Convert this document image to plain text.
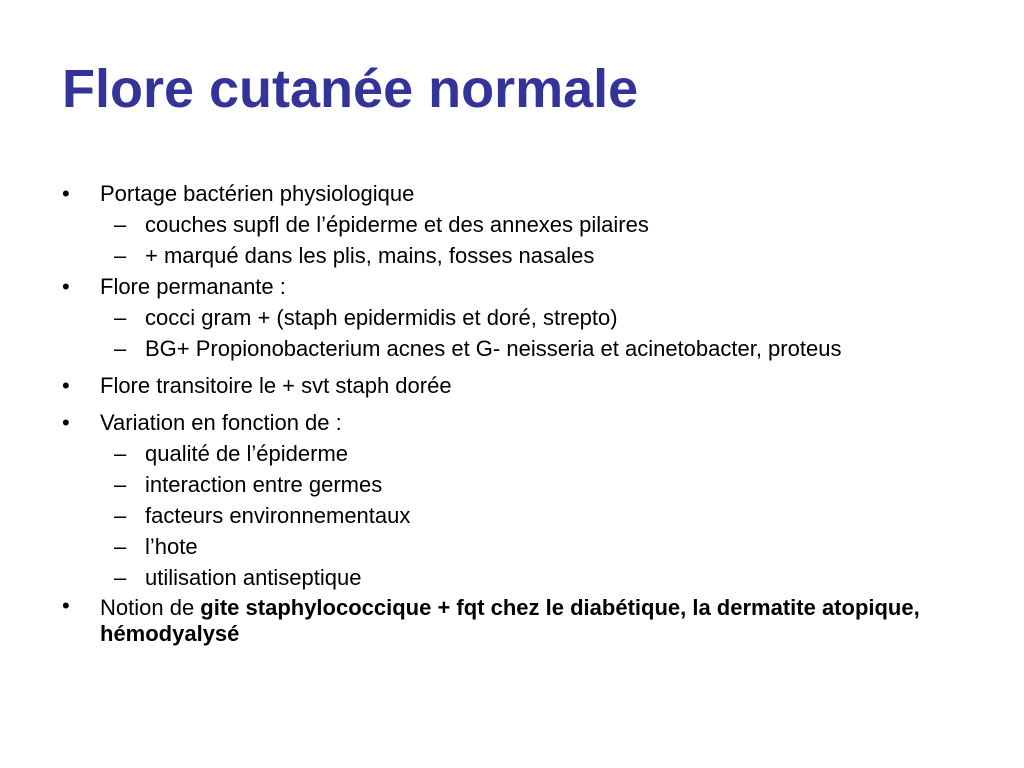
Flore cutanée normale
• Portage bactérien physiologique
– couches supfl de l’épiderme et des annexes pilaires
– + marqué dans les plis, mains, fosses nasales
• Flore permanante :
– cocci gram + (staph epidermidis et doré, strepto)
– BG+ Propionobacterium acnes et G- neisseria et acinetobacter, proteus
• Flore transitoire le + svt staph dorée
• Variation en fonction de :
– qualité de l’épiderme
– interaction entre germes
– facteurs environnementaux
– l’hote
– utilisation antiseptique
• Notion de gite staphylococcique + fqt chez le diabétique, la dermatite atopique, hémodyalysé
